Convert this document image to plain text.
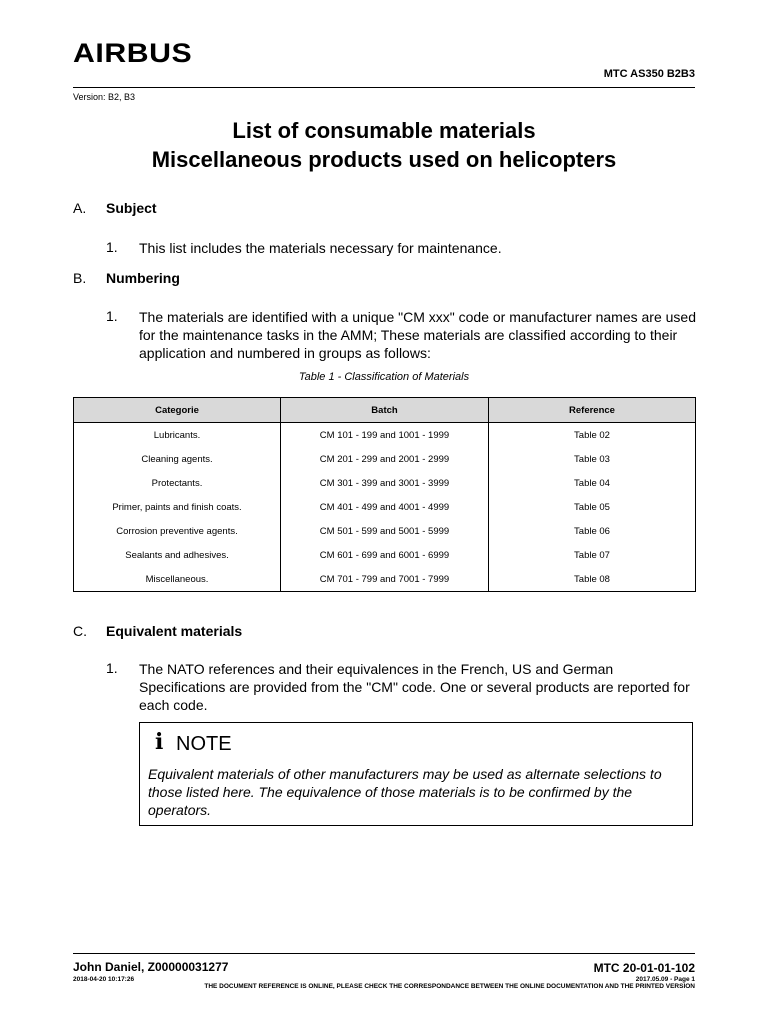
AIRBUS
MTC AS350 B2B3
Version: B2, B3
List of consumable materials
Miscellaneous products used on helicopters
A. Subject
1. This list includes the materials necessary for maintenance.
B. Numbering
1. The materials are identified with a unique "CM xxx" code or manufacturer names are used for the maintenance tasks in the AMM; These materials are classified according to their application and numbered in groups as follows:
Table 1 - Classification of Materials
Categorie	Batch	Reference
Lubricants.	CM 101 - 199 and 1001 - 1999	Table 02
Cleaning agents.	CM 201 - 299 and 2001 - 2999	Table 03
Protectants.	CM 301 - 399 and 3001 - 3999	Table 04
Primer, paints and finish coats.	CM 401 - 499 and 4001 - 4999	Table 05
Corrosion preventive agents.	CM 501 - 599 and 5001 - 5999	Table 06
Sealants and adhesives.	CM 601 - 699 and 6001 - 6999	Table 07
Miscellaneous.	CM 701 - 799 and 7001 - 7999	Table 08
C. Equivalent materials
1. The NATO references and their equivalences in the French, US and German Specifications are provided from the "CM" code. One or several products are reported for each code.
i NOTE
Equivalent materials of other manufacturers may be used as alternate selections to those listed here. The equivalence of those materials is to be confirmed by the operators.
John Daniel, Z00000031277
2018-04-20 10:17:26
MTC 20-01-01-102
2017.05.09 - Page 1
THE DOCUMENT REFERENCE IS ONLINE, PLEASE CHECK THE CORRESPONDANCE BETWEEN THE ONLINE DOCUMENTATION AND THE PRINTED VERSION
